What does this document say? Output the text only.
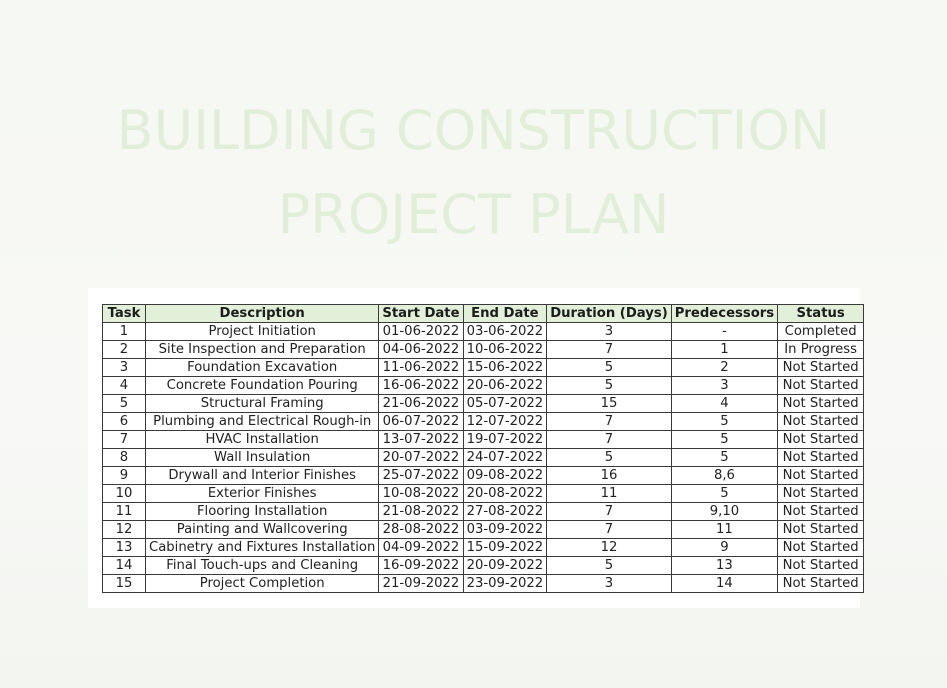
BUILDING CONSTRUCTION
PROJECT PLAN
Task	Description	Start Date	End Date	Duration (Days)	Predecessors	Status
1	Project Initiation	01-06-2022	03-06-2022	3	-	Completed
2	Site Inspection and Preparation	04-06-2022	10-06-2022	7	1	In Progress
3	Foundation Excavation	11-06-2022	15-06-2022	5	2	Not Started
4	Concrete Foundation Pouring	16-06-2022	20-06-2022	5	3	Not Started
5	Structural Framing	21-06-2022	05-07-2022	15	4	Not Started
6	Plumbing and Electrical Rough-in	06-07-2022	12-07-2022	7	5	Not Started
7	HVAC Installation	13-07-2022	19-07-2022	7	5	Not Started
8	Wall Insulation	20-07-2022	24-07-2022	5	5	Not Started
9	Drywall and Interior Finishes	25-07-2022	09-08-2022	16	8,6	Not Started
10	Exterior Finishes	10-08-2022	20-08-2022	11	5	Not Started
11	Flooring Installation	21-08-2022	27-08-2022	7	9,10	Not Started
12	Painting and Wallcovering	28-08-2022	03-09-2022	7	11	Not Started
13	Cabinetry and Fixtures Installation	04-09-2022	15-09-2022	12	9	Not Started
14	Final Touch-ups and Cleaning	16-09-2022	20-09-2022	5	13	Not Started
15	Project Completion	21-09-2022	23-09-2022	3	14	Not Started
